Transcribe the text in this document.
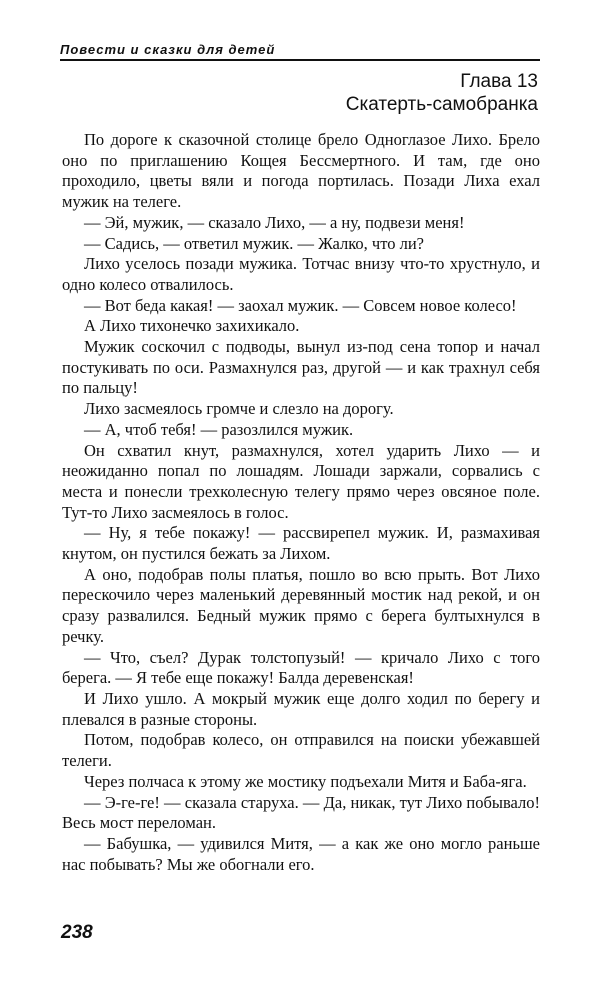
Повести и сказки для детей
Глава 13
Скатерть-самобранка

По дороге к сказочной столице брело Одноглазое Лихо. Брело оно по приглашению Кощея Бессмертного. И там, где оно проходило, цветы вяли и погода портилась. Позади Лиха ехал мужик на телеге.

— Эй, мужик, — сказало Лихо, — а ну, подвези меня!

— Садись, — ответил мужик. — Жалко, что ли?

Лихо уселось позади мужика. Тотчас внизу что-то хрустнуло, и одно колесо отвалилось.

— Вот беда какая! — заохал мужик. — Совсем новое колесо!

А Лихо тихонечко захихикало.

Мужик соскочил с подводы, вынул из-под сена топор и начал постукивать по оси. Размахнулся раз, другой — и как трахнул себя по пальцу!

Лихо засмеялось громче и слезло на дорогу.

— А, чтоб тебя! — разозлился мужик.

Он схватил кнут, размахнулся, хотел ударить Лихо — и неожиданно попал по лошадям. Лошади заржали, сорвались с места и понесли трехколесную телегу прямо через овсяное поле. Тут-то Лихо засмеялось в голос.

— Ну, я тебе покажу! — рассвирепел мужик. И, размахивая кнутом, он пустился бежать за Лихом.

А оно, подобрав полы платья, пошло во всю прыть. Вот Лихо перескочило через маленький деревянный мостик над рекой, и он сразу развалился. Бедный мужик прямо с берега бултыхнулся в речку.

— Что, съел? Дурак толстопузый! — кричало Лихо с того берега. — Я тебе еще покажу! Балда деревенская!

И Лихо ушло. А мокрый мужик еще долго ходил по берегу и плевался в разные стороны.

Потом, подобрав колесо, он отправился на поиски убежавшей телеги.

Через полчаса к этому же мостику подъехали Митя и Баба-яга.

— Э-ге-ге! — сказала старуха. — Да, никак, тут Лихо побывало! Весь мост переломан.

— Бабушка, — удивился Митя, — а как же оно могло раньше нас побывать? Мы же обогнали его.

238
